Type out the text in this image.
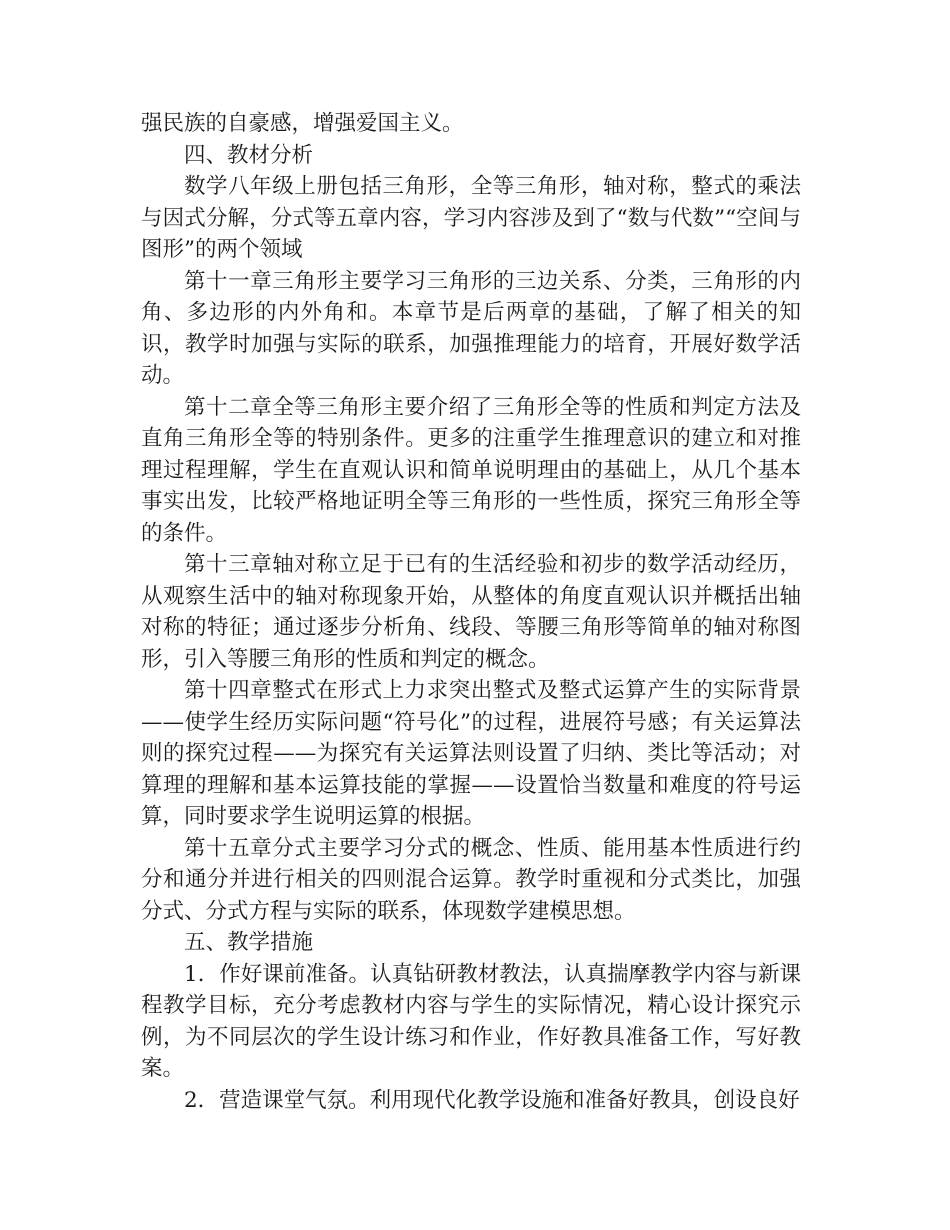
强民族的自豪感，增强爱国主义。

四、教材分析

数学八年级上册包括三角形，全等三角形，轴对称，整式的乘法与因式分解，分式等五章内容，学习内容涉及到了“数与代数”“空间与图形”的两个领域

第十一章三角形主要学习三角形的三边关系、分类，三角形的内角、多边形的内外角和。本章节是后两章的基础，了解了相关的知识，教学时加强与实际的联系，加强推理能力的培育，开展好数学活动。

第十二章全等三角形主要介绍了三角形全等的性质和判定方法及直角三角形全等的特别条件。更多的注重学生推理意识的建立和对推理过程理解，学生在直观认识和简单说明理由的基础上，从几个基本事实出发，比较严格地证明全等三角形的一些性质，探究三角形全等的条件。

第十三章轴对称立足于已有的生活经验和初步的数学活动经历，从观察生活中的轴对称现象开始，从整体的角度直观认识并概括出轴对称的特征；通过逐步分析角、线段、等腰三角形等简单的轴对称图形，引入等腰三角形的性质和判定的概念。

第十四章整式在形式上力求突出整式及整式运算产生的实际背景——使学生经历实际问题“符号化”的过程，进展符号感；有关运算法则的探究过程——为探究有关运算法则设置了归纳、类比等活动；对算理的理解和基本运算技能的掌握——设置恰当数量和难度的符号运算，同时要求学生说明运算的根据。

第十五章分式主要学习分式的概念、性质、能用基本性质进行约分和通分并进行相关的四则混合运算。教学时重视和分式类比，加强分式、分式方程与实际的联系，体现数学建模思想。

五、教学措施

1．作好课前准备。认真钻研教材教法，认真揣摩教学内容与新课程教学目标，充分考虑教材内容与学生的实际情况，精心设计探究示例，为不同层次的学生设计练习和作业，作好教具准备工作，写好教案。

2．营造课堂气氛。利用现代化教学设施和准备好教具，创设良好
